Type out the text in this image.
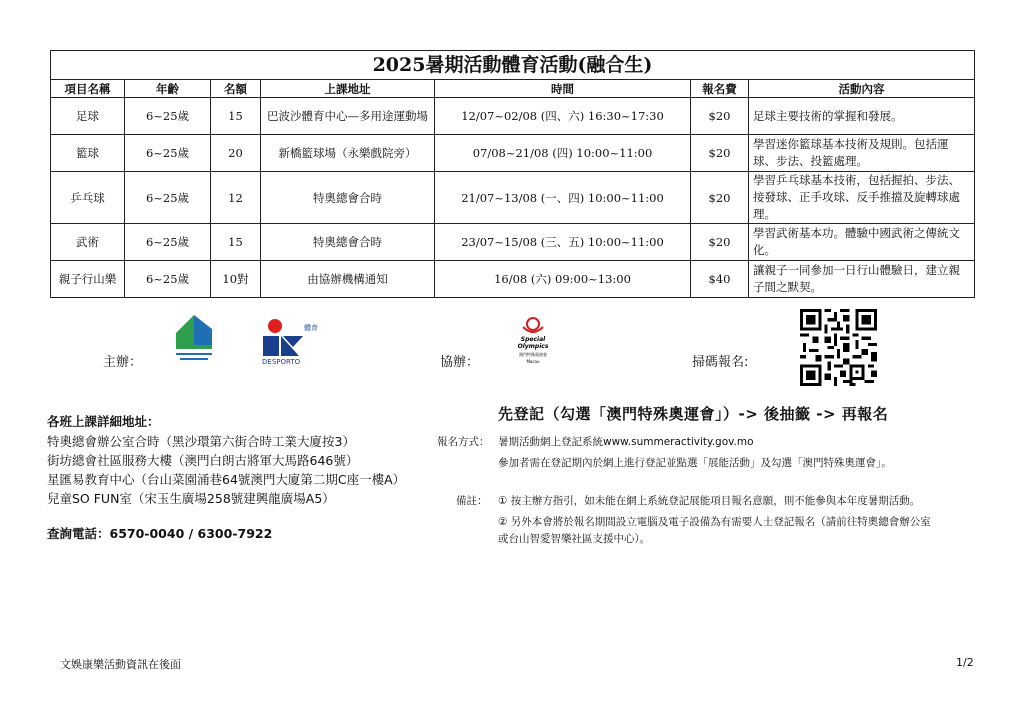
2025暑期活動體育活動(融合生)
項目名稱	年齡	名額	上課地址	時間	報名費	活動內容
足球	6~25歲	15	巴波沙體育中心—多用途運動場	12/07~02/08 (四、六) 16:30~17:30	$20	足球主要技術的掌握和發展。
籃球	6~25歲	20	新橋籃球場（永樂戲院旁）	07/08~21/08 (四) 10:00~11:00	$20	學習迷你籃球基本技術及規則。包括運球、步法、投籃處理。
乒乓球	6~25歲	12	特奧總會合時	21/07~13/08 (一、四) 10:00~11:00	$20	學習乒乓球基本技術，包括握拍、步法、接發球、正手攻球、反手推擋及旋轉球處理。
武術	6~25歲	15	特奧總會合時	23/07~15/08 (三、五) 10:00~11:00	$20	學習武術基本功。體驗中國武術之傳統文化。
親子行山樂	6~25歲	10對	由協辦機構通知	16/08 (六) 09:00~13:00	$40	讓親子一同參加一日行山體驗日，建立親子間之默契。
主辦：
體育
DESPORTO	協辦：
Special
Olympics
澳門特殊奧運會
Macau	掃碼報名:
各班上課詳細地址：
特奧總會辦公室合時（黑沙環第六街合時工業大廈按3）
街坊總會社區服務大樓（澳門白朗古將軍大馬路646號）
星匯易教育中心（台山菜園涌巷64號澳門大廈第二期C座一樓A）
兒童SO FUN室（宋玉生廣場258號建興龍廣場A5）
查詢電話：6570-0040 / 6300-7922
先登記（勾選「澳門特殊奧運會」）-> 後抽籤 -> 再報名
報名方式： 暑期活動網上登記系統www.summeractivity.gov.mo
參加者需在登記期內於網上進行登記並點選「展能活動」及勾選「澳門特殊奧運會」。
備註： ① 按主辦方指引，如未能在網上系統登記展能項目報名意願，則不能參與本年度暑期活動。
② 另外本會將於報名期間設立電腦及電子設備為有需要人士登記報名（請前往特奧總會辦公室
或台山智愛智樂社區支援中心）。
文娛康樂活動資訊在後面	1/2
